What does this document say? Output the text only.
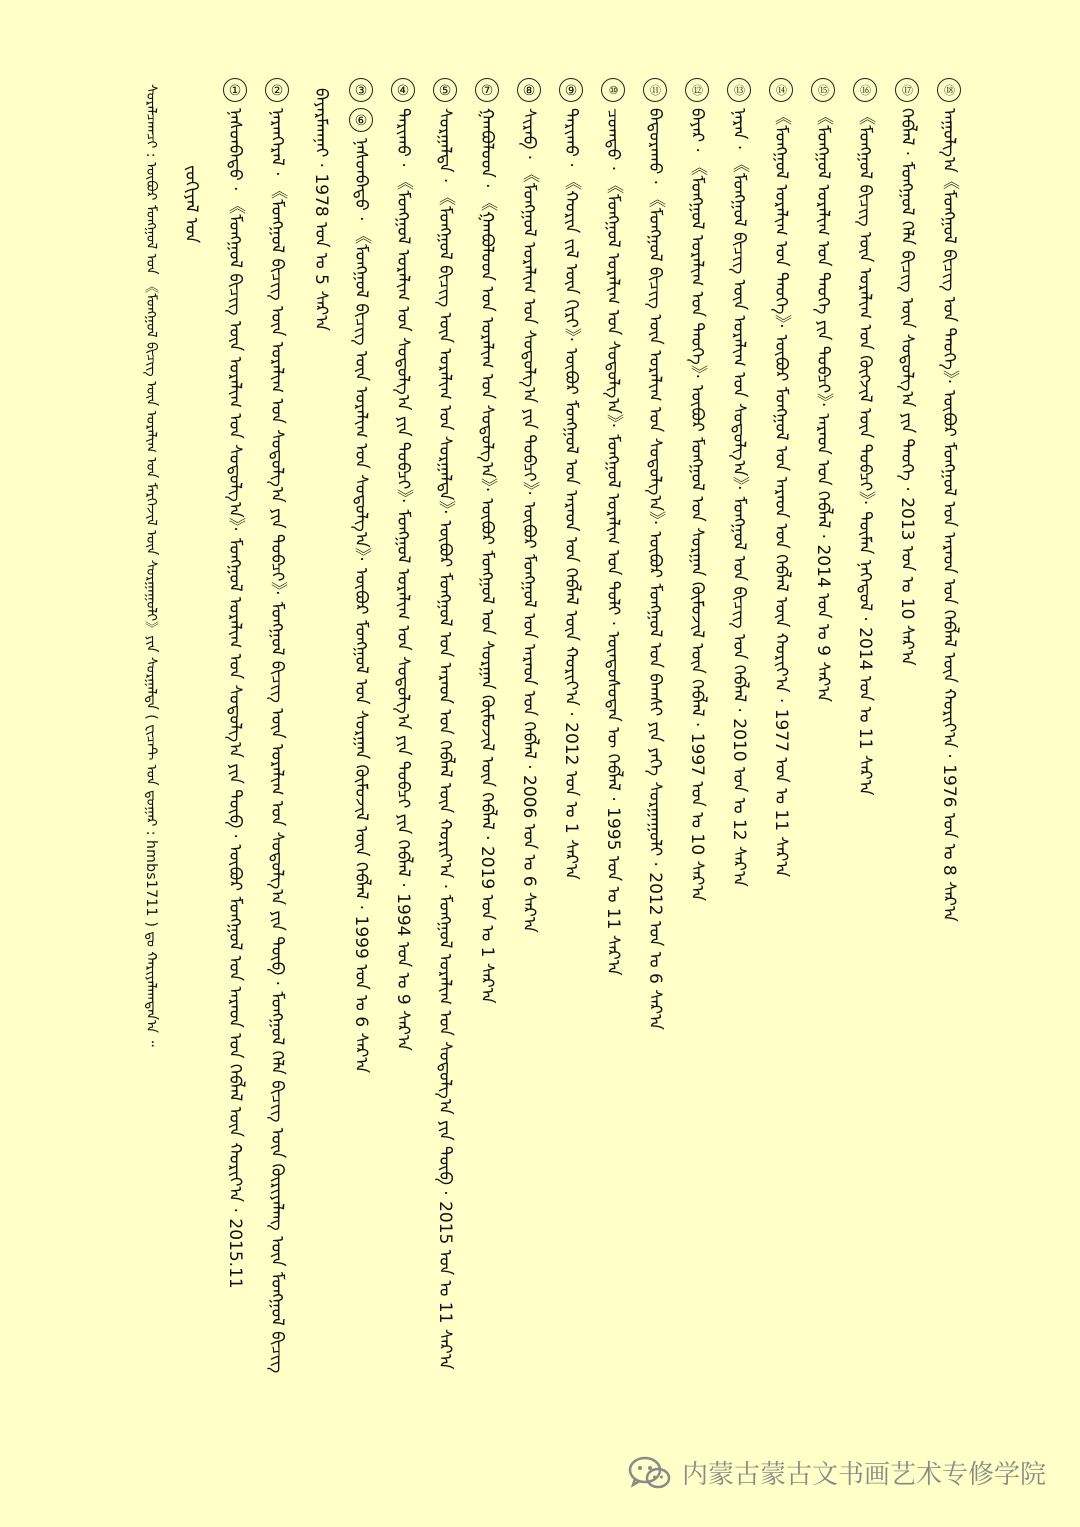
⑱
ᠠᠭᠤᠯᠭ᠎ᠠ《ᠮᠣᠩᠭᠣᠯ ᠪᠢᠴᠢᠭ ᠤᠨ ᠳᠡᠦᠬᠡ》· ᠥᠪᠥᠷ ᠮᠣᠩᠭᠣᠯ ᠤᠨ ᠠᠷᠠᠳ ᠤᠨ ᠬᠡᠪᠯᠡᠯ ᠦᠨ ᠬᠣᠷᠢᠶ᠎ᠠ · 1976 ᠣᠨ ᠤ 8 ᠰᠠᠷ᠎ᠠ
⑰
ᠬᠡᠪᠯᠡᠯ · ᠮᠣᠩᠭᠣᠯ ᠬᠡᠯᠡ ᠪᠢᠴᠢᠭ ᠦᠨ ᠰᠤᠳᠤᠯᠭ᠎ᠠ ᠶᠢᠨ ᠲᠡᠦᠬᠡ · 2013 ᠣᠨ ᠤ 10 ᠰᠠᠷ᠎ᠠ
⑯
《ᠮᠣᠩᠭᠣᠯ ᠪᠢᠴᠢᠭ ᠦᠨ ᠤᠷᠠᠯᠢᠭ ᠤᠨ ᠬᠥᠭᠵᠢᠯ ᠦᠨ ᠲᠣᠪᠴᠢ》· ᠲᠦᠮᠡᠨ ᠨᠡᠭᠡᠳᠦᠯ · 2014 ᠣᠨ ᠤ 11 ᠰᠠᠷ᠎ᠠ
⑮
《ᠮᠣᠩᠭᠣᠯ ᠤᠷᠠᠯᠢᠭ ᠤᠨ ᠲᠡᠦᠬᠡ ᠶᠢᠨ ᠲᠣᠪᠴᠢ》· ᠠᠷᠠᠳ ᠤᠨ ᠬᠡᠪᠯᠡᠯ · 2014 ᠣᠨ ᠤ 9 ᠰᠠᠷ᠎ᠠ
⑭
《ᠮᠣᠩᠭᠣᠯ ᠤᠷᠠᠯᠢᠭ ᠤᠨ ᠲᠡᠦᠬᠡ》· ᠥᠪᠥᠷ ᠮᠣᠩᠭᠣᠯ ᠤᠨ ᠠᠷᠠᠳ ᠤᠨ ᠬᠡᠪᠯᠡᠯ ᠦᠨ ᠬᠣᠷᠢᠶ᠎ᠠ · 1977 ᠣᠨ ᠤ 11 ᠰᠠᠷ᠎ᠠ
⑬
ᠨᠠᠷᠠᠨ · 《ᠮᠣᠩᠭᠣᠯ ᠪᠢᠴᠢᠭ ᠦᠨ ᠤᠷᠠᠯᠢᠭ ᠤᠨ ᠰᠤᠳᠤᠯᠭ᠎ᠠ》· ᠮᠣᠩᠭᠣᠯ ᠤᠨ ᠪᠢᠴᠢᠭ ᠤᠨ ᠬᠡᠪᠯᠡᠯ · 2010 ᠣᠨ ᠤ 12 ᠰᠠᠷ᠎ᠠ
⑫
ᠪᠠᠶᠠᠷ · 《ᠮᠣᠩᠭᠣᠯ ᠤᠷᠠᠯᠢᠭ ᠤᠨ ᠲᠡᠦᠬᠡ》· ᠥᠪᠥᠷ ᠮᠣᠩᠭᠣᠯ ᠤᠨ ᠰᠤᠷᠭᠠᠨ ᠬᠥᠮᠦᠵᠢᠯ ᠦᠨ ᠬᠡᠪᠯᠡᠯ · 1997 ᠣᠨ ᠤ 10 ᠰᠠᠷ᠎ᠠ
⑪
ᠪᠠᠳᠤᠷᠠᠬᠤ · 《ᠮᠣᠩᠭᠣᠯ ᠪᠢᠴᠢᠭ ᠦᠨ ᠤᠷᠠᠯᠢᠭ ᠤᠨ ᠰᠤᠳᠤᠯᠭ᠎ᠠ》· ᠥᠪᠥᠷ ᠮᠣᠩᠭᠣᠯ ᠤᠨ ᠪᠠᠭᠰᠢ ᠶᠢᠨ ᠶᠡᠬᠡ ᠰᠤᠷᠭᠠᠭᠤᠯᠢ · 2012 ᠣᠨ ᠤ 6 ᠰᠠᠷ᠎ᠠ
⑩
ᠴᠣᠭᠲᠤ · 《ᠮᠣᠩᠭᠣᠯ ᠤᠷᠠᠯᠢᠭ ᠤᠨ ᠰᠤᠳᠤᠯᠭ᠎ᠠ》· ᠮᠣᠩᠭᠣᠯ ᠤᠷᠠᠯᠢᠭ ᠤᠨ ᠲᠣᠯᠢ · ᠦᠨᠳᠦᠰᠦᠲᠡᠨ ᠦ ᠬᠡᠪᠯᠡᠯ · 1995 ᠣᠨ ᠤ 11 ᠰᠠᠷ᠎ᠠ
⑨
ᠳᠠᠷᠢᠬᠤ · 《ᠬᠣᠷᠢᠨ ᠵᠢᠯ ᠦᠨ ᠬᠢᠷᠢ》· ᠥᠪᠥᠷ ᠮᠣᠩᠭᠣᠯ ᠤᠨ ᠠᠷᠠᠳ ᠤᠨ ᠬᠡᠪᠯᠡᠯ ᠦᠨ ᠬᠣᠷᠢᠶ᠎ᠠ · 2012 ᠣᠨ ᠤ 1 ᠰᠠᠷ᠎ᠠ
⑧
ᠰᠢᠷᠠᠪ · 《ᠮᠣᠩᠭᠣᠯ ᠤᠷᠠᠯᠢᠭ ᠤᠨ ᠰᠤᠳᠤᠯᠭ᠎ᠠ ᠶᠢᠨ ᠲᠣᠪᠴᠢ》· ᠥᠪᠥᠷ ᠮᠣᠩᠭᠣᠯ ᠤᠨ ᠠᠷᠠᠳ ᠤᠨ ᠬᠡᠪᠯᠡᠯ · 2006 ᠣᠨ ᠤ 6 ᠰᠠᠷ᠎ᠠ
⑦
ᠭᠠᠨᠪᠣᠯᠣᠳ · 《ᠭᠠᠨᠪᠣᠯᠣᠳ ᠤᠨ ᠤᠷᠠᠯᠢᠭ ᠤᠨ ᠰᠤᠳᠤᠯᠭ᠎ᠠ》· ᠥᠪᠥᠷ ᠮᠣᠩᠭᠣᠯ ᠤᠨ ᠰᠤᠷᠭᠠᠨ ᠬᠥᠮᠦᠵᠢᠯ ᠦᠨ ᠬᠡᠪᠯᠡᠯ · 2019 ᠣᠨ ᠤ 1 ᠰᠠᠷ᠎ᠠ
⑤
ᠰᠤᠷᠭᠠᠯᠳᠠ · 《ᠮᠣᠩᠭᠣᠯ ᠪᠢᠴᠢᠭ ᠦᠨ ᠤᠷᠠᠯᠢᠭ ᠤᠨ ᠰᠤᠷᠭᠠᠯᠳᠠ》· ᠥᠪᠥᠷ ᠮᠣᠩᠭᠣᠯ ᠤᠨ ᠠᠷᠠᠳ ᠤᠨ ᠬᠡᠪᠯᠡᠯ ᠦᠨ ᠬᠣᠷᠢᠶ᠎ᠠ · ᠮᠣᠩᠭᠣᠯ ᠤᠷᠠᠯᠢᠭ ᠤᠨ ᠰᠤᠳᠤᠯᠭ᠎ᠠ ᠶᠢᠨ ᠲᠦᠪ · 2015 ᠣᠨ ᠤ 11 ᠰᠠᠷ᠎ᠠ
④
ᠳᠠᠷᠢᠬᠤ · 《ᠮᠣᠩᠭᠣᠯ ᠤᠷᠠᠯᠢᠭ ᠤᠨ ᠰᠤᠳᠤᠯᠭ᠎ᠠ ᠶᠢᠨ ᠲᠣᠪᠴᠢ》· ᠮᠣᠩᠭᠣᠯ ᠤᠷᠠᠯᠢᠭ ᠤᠨ ᠰᠤᠳᠤᠯᠭ᠎ᠠ ᠶᠢᠨ ᠲᠣᠪᠴᠢ ᠶᠢᠨ ᠬᠡᠪᠯᠡᠯ · 1994 ᠣᠨ ᠤ 9 ᠰᠠᠷ᠎ᠠ
③
⑥
ᠨᠠᠰᠤᠨᠪᠠᠲᠤ · 《ᠮᠣᠩᠭᠣᠯ ᠪᠢᠴᠢᠭ ᠦᠨ ᠤᠷᠠᠯᠢᠭ ᠤᠨ ᠰᠤᠳᠤᠯᠭ᠎ᠠ》· ᠥᠪᠥᠷ ᠮᠣᠩᠭᠣᠯ ᠤᠨ ᠰᠤᠷᠭᠠᠨ ᠬᠥᠮᠦᠵᠢᠯ ᠦᠨ ᠬᠡᠪᠯᠡᠯ · 1999 ᠣᠨ ᠤ 6 ᠰᠠᠷ᠎ᠠ
ᠪᠠᠶᠠᠷᠮᠠᠭᠨᠠᠢ · 1978 ᠣᠨ ᠤ 5 ᠰᠠᠷ᠎ᠠ
②
ᠨᠠᠷᠠᠨᠭᠡᠷᠡᠯ · 《ᠮᠣᠩᠭᠣᠯ ᠪᠢᠴᠢᠭ ᠦᠨ ᠤᠷᠠᠯᠢᠭ ᠤᠨ ᠰᠤᠳᠤᠯᠭ᠎ᠠ ᠶᠢᠨ ᠲᠣᠪᠴᠢ》· ᠮᠣᠩᠭᠣᠯ ᠪᠢᠴᠢᠭ ᠦᠨ ᠤᠷᠠᠯᠢᠭ ᠤᠨ ᠰᠤᠳᠤᠯᠭ᠎ᠠ ᠶᠢᠨ ᠲᠦᠪ · ᠮᠣᠩᠭᠣᠯ ᠬᠡᠯᠡ ᠪᠢᠴᠢᠭ ᠦᠨ ᠬᠥᠷᠢᠶᠡᠯᠡᠩ ᠦᠨ ᠮᠣᠩᠭᠣᠯ ᠪᠢᠴᠢᠭ
①
ᠨᠠᠰᠤᠨᠪᠠᠲᠤ · 《ᠮᠣᠩᠭᠣᠯ ᠪᠢᠴᠢᠭ ᠦᠨ ᠤᠷᠠᠯᠢᠭ ᠤᠨ ᠰᠤᠳᠤᠯᠭ᠎ᠠ》· ᠮᠣᠩᠭᠣᠯ ᠤᠷᠠᠯᠢᠭ ᠤᠨ ᠰᠤᠳᠤᠯᠭ᠎ᠠ ᠶᠢᠨ ᠲᠦᠪ · ᠥᠪᠥᠷ ᠮᠣᠩᠭᠣᠯ ᠤᠨ ᠠᠷᠠᠳ ᠤᠨ ᠬᠡᠪᠯᠡᠯ ᠦᠨ ᠬᠣᠷᠢᠶ᠎ᠠ · 2015.11
ᠵᠣᠬᠢᠶᠠᠯ ᠤᠨ
ᠰᠤᠷᠠᠯᠴᠠᠭᠴᠢ : ᠥᠪᠥᠷ ᠮᠣᠩᠭᠣᠯ ᠤᠨ 《ᠮᠣᠩᠭᠣᠯ ᠪᠢᠴᠢᠭ ᠦᠨ ᠤᠷᠠᠯᠢᠭ ᠤᠨ ᠮᠡᠷᠭᠡᠵᠢᠯ ᠦᠨ ᠰᠤᠷᠭᠠᠭᠤᠯᠢ》ᠶᠢᠨ ᠰᠤᠷᠭᠠᠯᠳᠠ ( ᠸᠢᠴᠠᠲ ᠤᠨ ᠳ᠋ᠤᠭᠠᠷ : hmbs1711 ) ᠳᠤ ᠬᠠᠷᠢᠶᠠᠯᠠᠭᠳᠠᠨ᠎ᠠ ᠃
内蒙古蒙古文书画艺术专修学院
